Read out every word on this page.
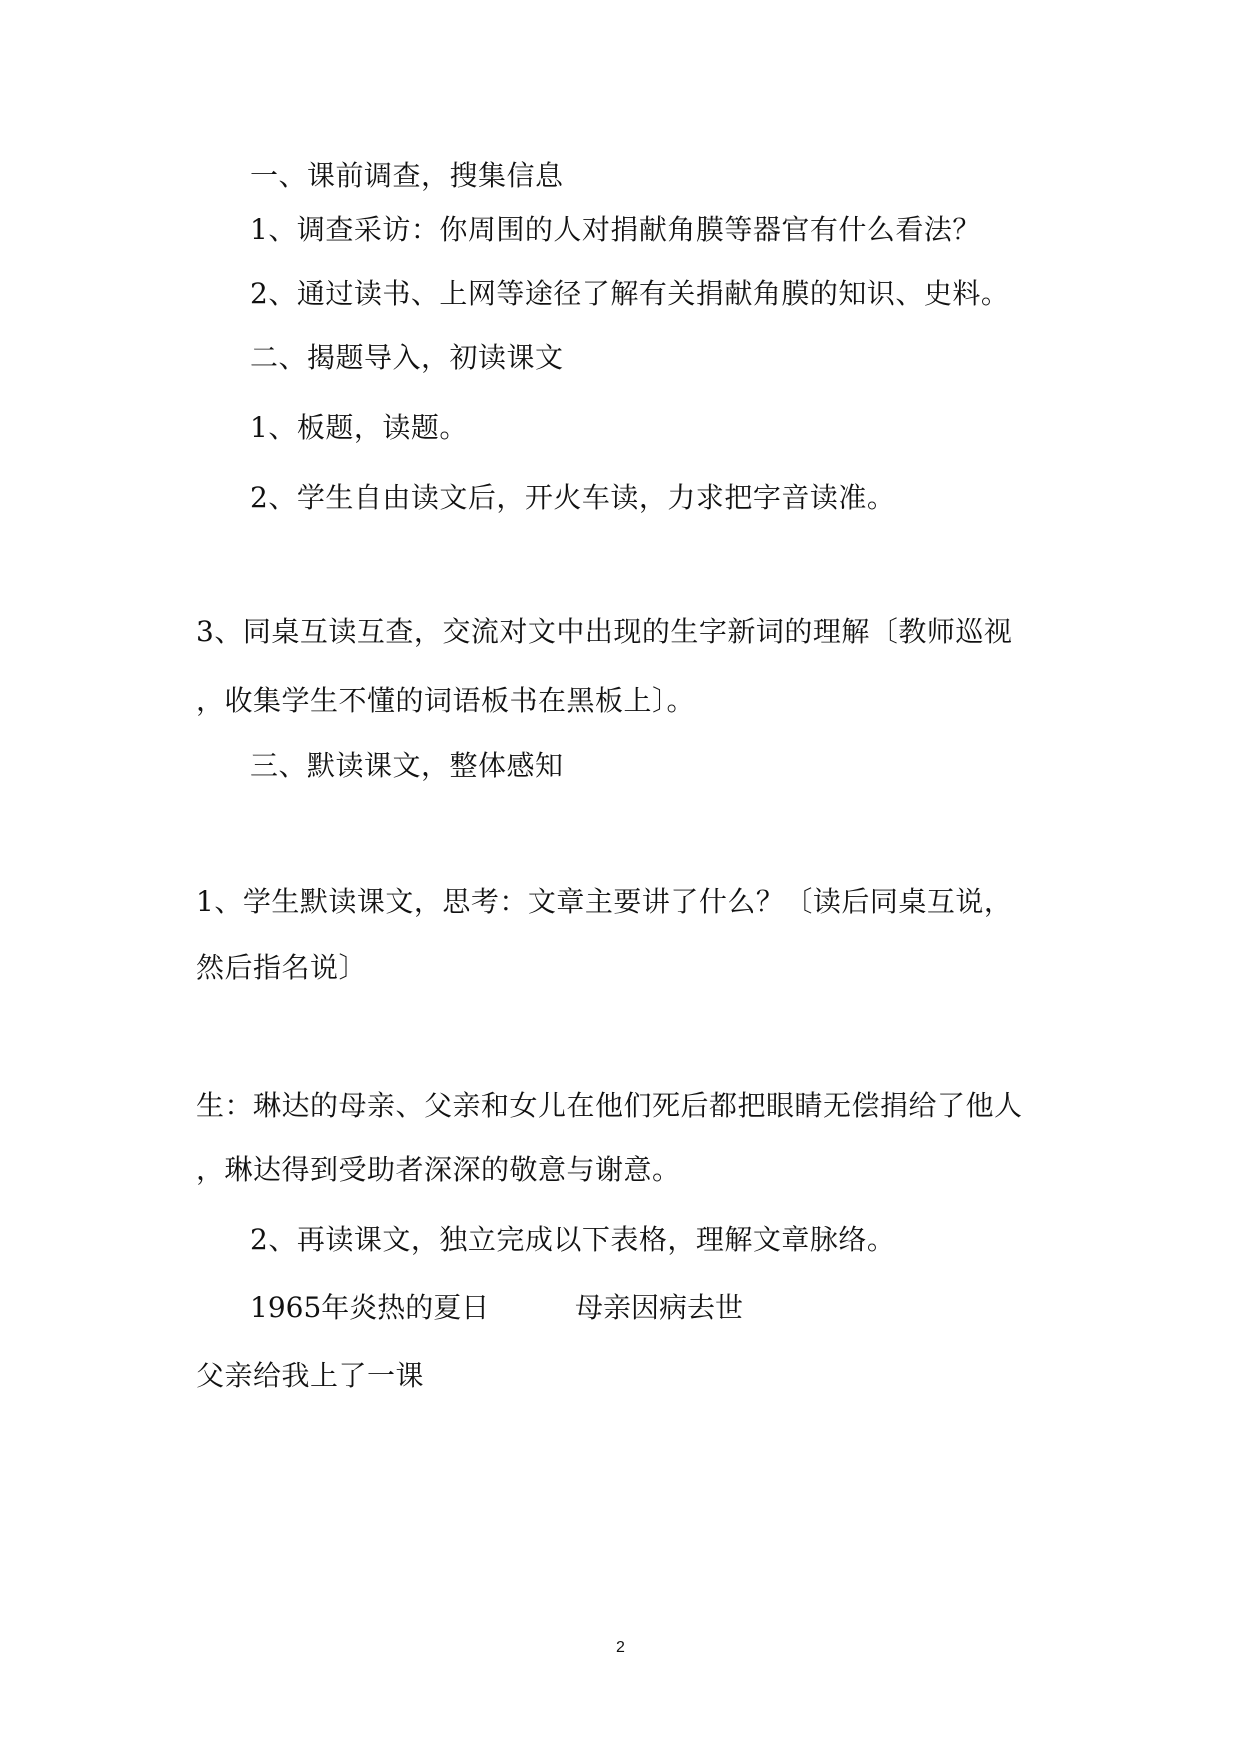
一、课前调查，搜集信息
1、调查采访：你周围的人对捐献角膜等器官有什么看法？
2、通过读书、上网等途径了解有关捐献角膜的知识、史料。
二、揭题导入，初读课文
1、板题，读题。
2、学生自由读文后，开火车读，力求把字音读准。
3、同桌互读互查，交流对文中出现的生字新词的理解〔教师巡视
，收集学生不懂的词语板书在黑板上〕。
三、默读课文，整体感知
1、学生默读课文，思考：文章主要讲了什么？〔读后同桌互说，
然后指名说〕
生：琳达的母亲、父亲和女儿在他们死后都把眼睛无偿捐给了他人
，琳达得到受助者深深的敬意与谢意。
2、再读课文，独立完成以下表格，理解文章脉络。
1965年炎热的夏日	母亲因病去世
父亲给我上了一课
2
